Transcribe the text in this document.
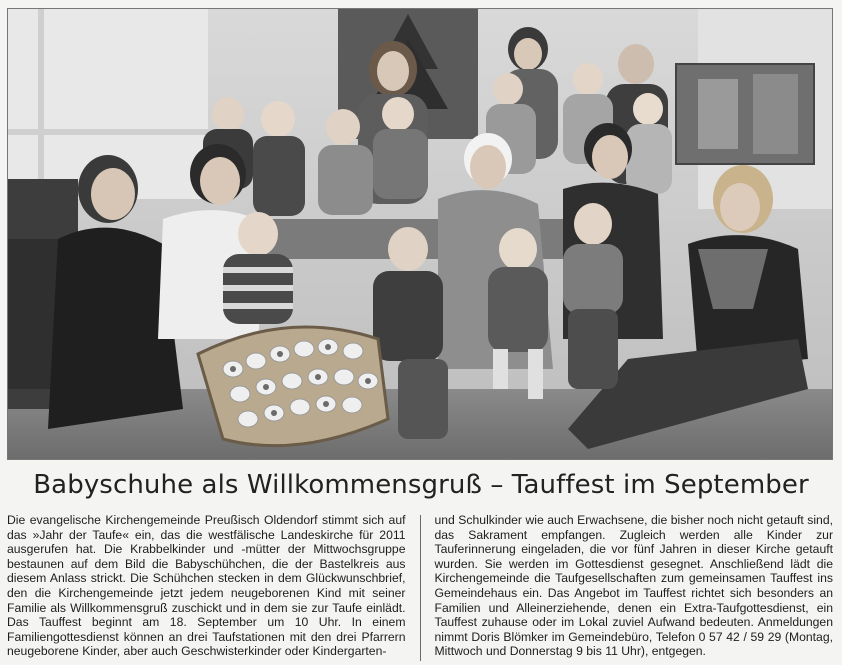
Babyschuhe als Willkommensgruß – Tauffest im September
Die evangelische Kirchengemeinde Preußisch Oldendorf stimmt sich auf das »Jahr der Taufe« ein, das die westfälische Landeskirche für 2011 ausgerufen hat. Die Krabbelkinder und -mütter der Mittwochsgruppe bestaunen auf dem Bild die Babyschühchen, die der Bastelkreis aus diesem Anlass strickt. Die Schühchen stecken in dem Glückwunschbrief, den die Kirchengemeinde jetzt jedem neugeborenen Kind mit seiner Familie als Willkommensgruß zuschickt und in dem sie zur Taufe einlädt. Das Tauffest beginnt am 18. September um 10 Uhr. In einem Familiengottesdienst können an drei Taufstationen mit den drei Pfarrern neugeborene Kinder, aber auch Geschwisterkinder oder Kindergarten-
und Schulkinder wie auch Erwachsene, die bisher noch nicht getauft sind, das Sakrament empfangen. Zugleich werden alle Kinder zur Tauferinnerung eingeladen, die vor fünf Jahren in dieser Kirche getauft wurden. Sie werden im Gottesdienst gesegnet. Anschließend lädt die Kirchengemeinde die Taufgesellschaften zum gemeinsamen Tauffest ins Gemeindehaus ein. Das Angebot im Tauffest richtet sich besonders an Familien und Alleinerziehende, denen ein Extra-Taufgottesdienst, ein Tauffest zuhause oder im Lokal zuviel Aufwand bedeuten. Anmeldungen nimmt Doris Blömker im Gemeindebüro, Telefon 0 57 42 / 59 29 (Montag, Mittwoch und Donnerstag 9 bis 11 Uhr), entgegen.
